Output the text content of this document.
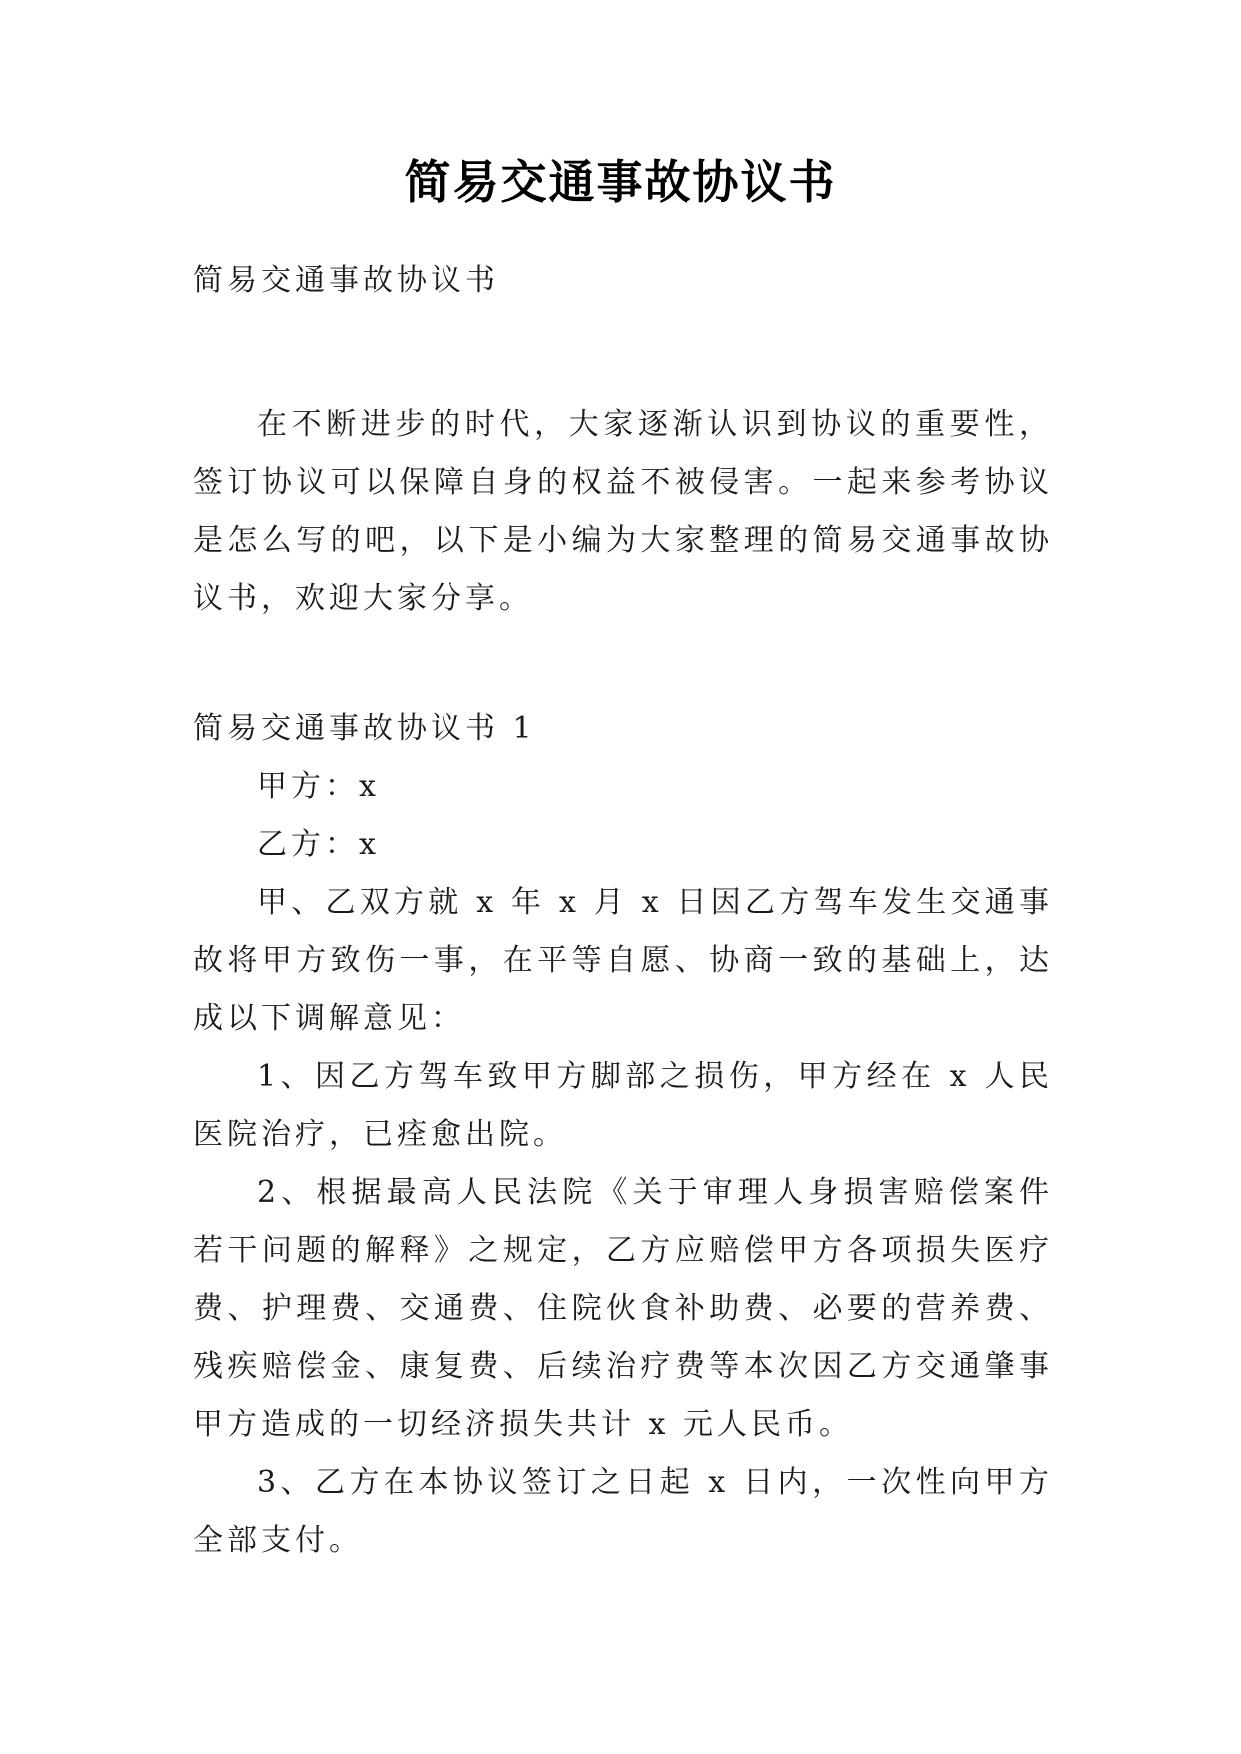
简易交通事故协议书

简易交通事故协议书

在不断进步的时代，大家逐渐认识到协议的重要性，签订协议可以保障自身的权益不被侵害。一起来参考协议是怎么写的吧，以下是小编为大家整理的简易交通事故协议书，欢迎大家分享。

简易交通事故协议书 1

甲方：x

乙方：x

甲、乙双方就 x 年 x 月 x 日因乙方驾车发生交通事故将甲方致伤一事，在平等自愿、协商一致的基础上，达成以下调解意见：

1、因乙方驾车致甲方脚部之损伤，甲方经在 x 人民医院治疗，已痊愈出院。

2、根据最高人民法院《关于审理人身损害赔偿案件若干问题的解释》之规定，乙方应赔偿甲方各项损失医疗费、护理费、交通费、住院伙食补助费、必要的营养费、残疾赔偿金、康复费、后续治疗费等本次因乙方交通肇事甲方造成的一切经济损失共计 x 元人民币。

3、乙方在本协议签订之日起 x 日内，一次性向甲方全部支付。
